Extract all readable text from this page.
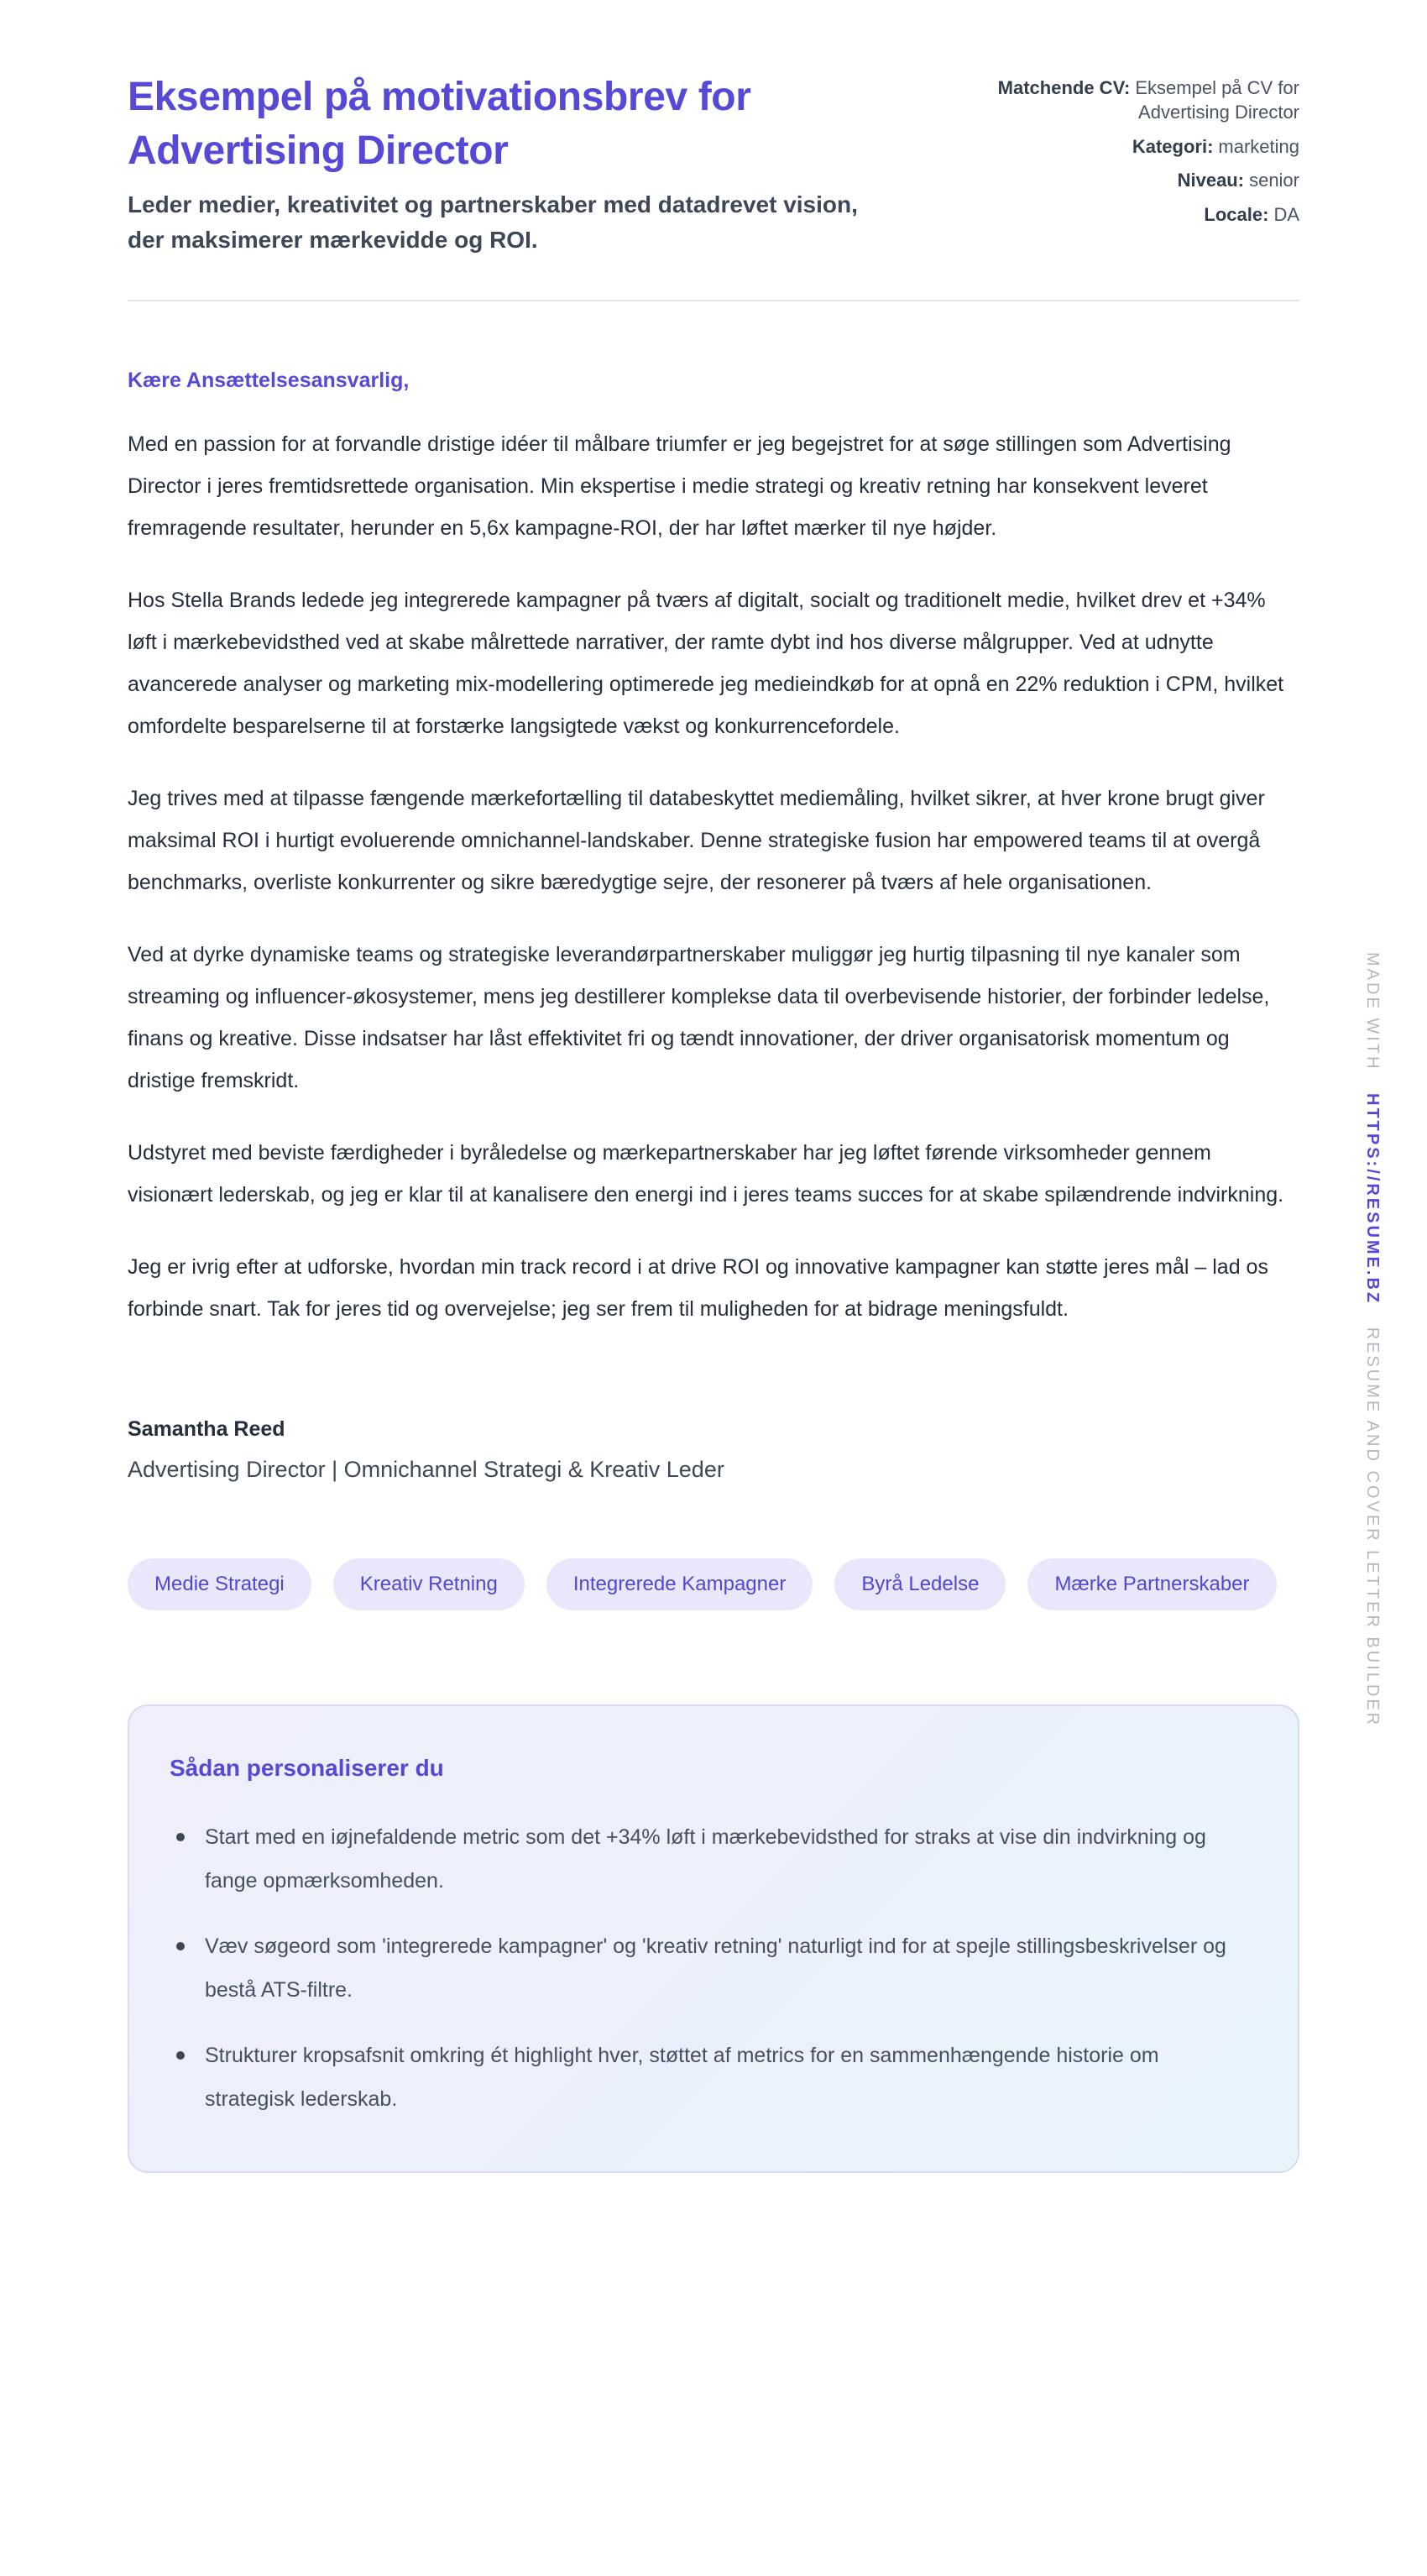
Eksempel på motivationsbrev for Advertising Director
Leder medier, kreativitet og partnerskaber med datadrevet vision, der maksimerer mærkevidde og ROI.
Matchende CV: Eksempel på CV for Advertising Director
Kategori: marketing
Niveau: senior
Locale: DA
Kære Ansættelsesansvarlig,

Med en passion for at forvandle dristige idéer til målbare triumfer er jeg begejstret for at søge stillingen som Advertising Director i jeres fremtidsrettede organisation. Min ekspertise i medie strategi og kreativ retning har konsekvent leveret fremragende resultater, herunder en 5,6x kampagne-ROI, der har løftet mærker til nye højder.

Hos Stella Brands ledede jeg integrerede kampagner på tværs af digitalt, socialt og traditionelt medie, hvilket drev et +34% løft i mærkebevidsthed ved at skabe målrettede narrativer, der ramte dybt ind hos diverse målgrupper. Ved at udnytte avancerede analyser og marketing mix-modellering optimerede jeg medieindkøb for at opnå en 22% reduktion i CPM, hvilket omfordelte besparelserne til at forstærke langsigtede vækst og konkurrencefordele.

Jeg trives med at tilpasse fængende mærkefortælling til databeskyttet mediemåling, hvilket sikrer, at hver krone brugt giver maksimal ROI i hurtigt evoluerende omnichannel-landskaber. Denne strategiske fusion har empowered teams til at overgå benchmarks, overliste konkurrenter og sikre bæredygtige sejre, der resonerer på tværs af hele organisationen.

Ved at dyrke dynamiske teams og strategiske leverandørpartnerskaber muliggør jeg hurtig tilpasning til nye kanaler som streaming og influencer-økosystemer, mens jeg destillerer komplekse data til overbevisende historier, der forbinder ledelse, finans og kreative. Disse indsatser har låst effektivitet fri og tændt innovationer, der driver organisatorisk momentum og dristige fremskridt.

Udstyret med beviste færdigheder i byråledelse og mærkepartnerskaber har jeg løftet førende virksomheder gennem visionært lederskab, og jeg er klar til at kanalisere den energi ind i jeres teams succes for at skabe spilændrende indvirkning.

Jeg er ivrig efter at udforske, hvordan min track record i at drive ROI og innovative kampagner kan støtte jeres mål – lad os forbinde snart. Tak for jeres tid og overvejelse; jeg ser frem til muligheden for at bidrage meningsfuldt.

Samantha Reed
Advertising Director | Omnichannel Strategi & Kreativ Leder
Medie Strategi	Kreativ Retning	Integrerede Kampagner	Byrå Ledelse	Mærke Partnerskaber
Sådan personaliserer du
Start med en iøjnefaldende metric som det +34% løft i mærkebevidsthed for straks at vise din indvirkning og fange opmærksomheden.
Væv søgeord som 'integrerede kampagner' og 'kreativ retning' naturligt ind for at spejle stillingsbeskrivelser og bestå ATS-filtre.
Strukturer kropsafsnit omkring ét highlight hver, støttet af metrics for en sammenhængende historie om strategisk lederskab.
MADE WITH HTTPS://RESUME.BZ RESUME AND COVER LETTER BUILDER
